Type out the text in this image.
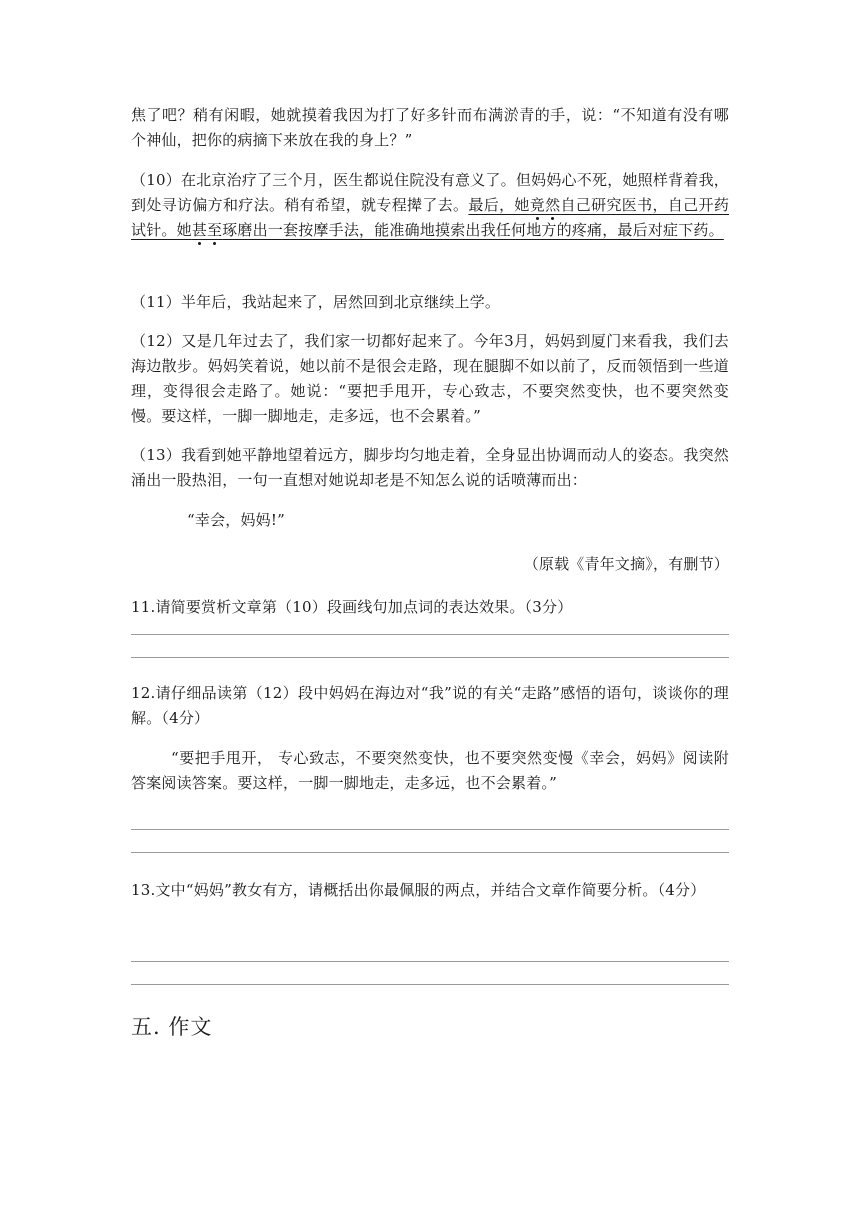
焦了吧？稍有闲暇，她就摸着我因为打了好多针而布满淤青的手，说：“不知道有没有哪个神仙，把你的病摘下来放在我的身上？”
（10）在北京治疗了三个月，医生都说住院没有意义了。但妈妈心不死，她照样背着我，到处寻访偏方和疗法。稍有希望，就专程撵了去。最后，她竟然自己研究医书，自己开药试针。她甚至琢磨出一套按摩手法，能准确地摸索出我任何地方的疼痛，最后对症下药。
（11）半年后，我站起来了，居然回到北京继续上学。
（12）又是几年过去了，我们家一切都好起来了。今年3月，妈妈到厦门来看我，我们去海边散步。妈妈笑着说，她以前不是很会走路，现在腿脚不如以前了，反而领悟到一些道理，变得很会走路了。她说：“要把手甩开，专心致志，不要突然变快，也不要突然变慢。要这样，一脚一脚地走，走多远，也不会累着。”
（13）我看到她平静地望着远方，脚步均匀地走着，全身显出协调而动人的姿态。我突然涌出一股热泪，一句一直想对她说却老是不知怎么说的话喷薄而出：
“幸会，妈妈!”
（原载《青年文摘》，有删节）
11.请简要赏析文章第（10）段画线句加点词的表达效果。（3分）
12.请仔细品读第（12）段中妈妈在海边对“我”说的有关“走路”感悟的语句，谈谈你的理解。（4分）
“要把手甩开， 专心致志，不要突然变快，也不要突然变慢《幸会，妈妈》阅读附答案阅读答案。要这样，一脚一脚地走，走多远，也不会累着。”
13.文中“妈妈”教女有方，请概括出你最佩服的两点，并结合文章作简要分析。（4分）
五. 作文
